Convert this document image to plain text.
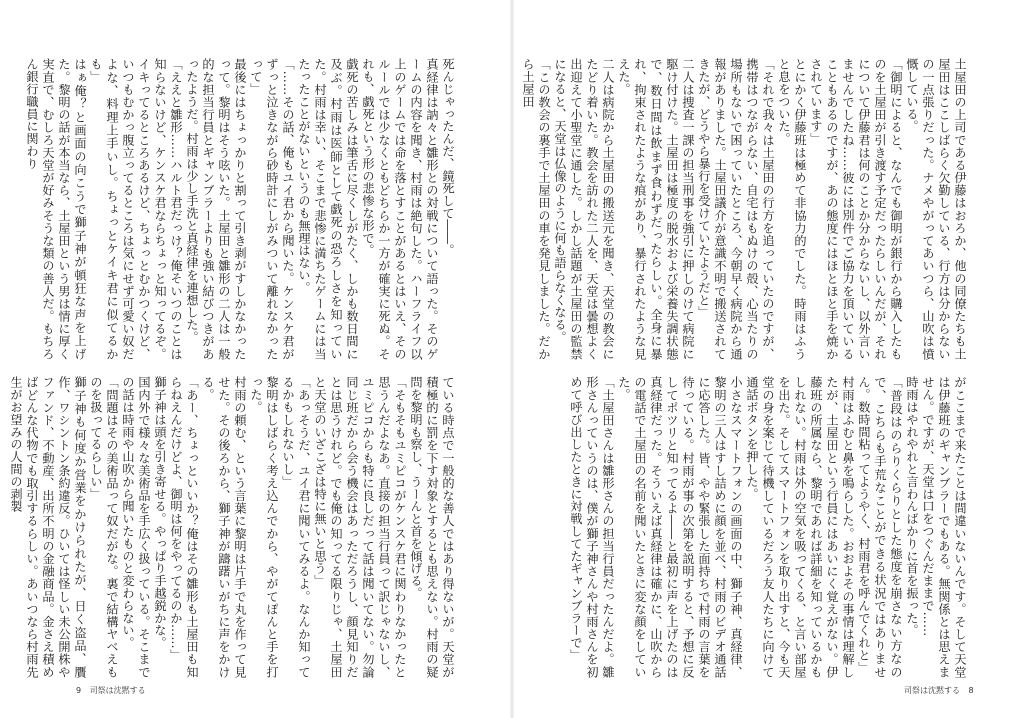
死んじゃったんだ、鏡死して――。

真経律は訥々と雛形との対戦について語った。そのゲームの内容を聞き、村雨は絶句した。ハーフライフ以上のゲームでは命を落とすことがあるとはいえ、そのルールでは少なくともどちらか一方が確実に死ぬ。それも、戯死という形の悲惨な形で。

戯死の苦しみは筆舌に尽くしがたく、しかも数日間に及ぶ。村雨は医師として戯死の恐ろしさを知っていた。村雨は幸い、そこまで悲惨に満ちたゲームには当たったことがないというのも無理はない。

「……その話、俺もユイ君から聞いた。ケンスケ君がずっと泣きながら砂時計にしがみついて離れなかったって」

最後にはちょっかりと割って引き剥がすしかなかったって。黎明はそう呟いた。土屋田と雛形の二人は一般的な担当行員とギャンブラーよりも強い結びつきがあったようだ。村雨は少し手洗と真経律を連想した。

「ええと雛形……ハルト君だっけ？俺そいつのことは知らないけど、ケンスケ君ならちょっと知ってるぞ。イキってるところあるけど、ちょっとむかつくけど、いつもむかっ腹立ってるところは気にせず可愛い奴だよな、料理上手いし。ちょっとケイキ君に似てるかも」

はぁ俺？と画面の向こうで獅子神が頓狂な声を上げた。黎明の話が本当なら、土屋田という男は情に厚く実直で、むしろ天堂が好みそうな類の善人だ。もちろん銀行職員に関わり

ている時点で一般的な善人ではあり得ないが。天堂が積極的に罰を下す対象とするとも思えない。村雨の疑問を黎明も察し、うーんと首を傾げる。

「そもそもユミピコがケンスケ君に関わりなかったと思うんだよなあ。直接の担当行員って訳じゃないし、ユミピコからも特に良しだって話は聞いてない。勿論同じ班だから会う機会はあっただろうし、顔見知りだとは思うけれど。でも俺の知ってる限りじゃ、土屋田と天堂のいざこざは特に無いと思う」

「あっそうだ、ユイ君に聞いてみるよ。なんか知ってるかもしれないし」

黎明はしばらく考え込んでから、やがてぽんと手を打った。

村雨の頼む、という言葉に黎明は片手で丸を作って見せた。その後ろから、獅子神が躊躇いがちに声をかける。

「あー、ちょっといいか？俺はその雛形も土屋田も知らねえんだけどよ、御明は何をやってるのか……」

獅子神は頭を引き寄せる。やっぱり手越鋭かな。

国内外で様々な美術品を手広く扱っている。そこまでの話は時雨や山吹から聞いたものと変わらない。

「問題はその美術品って奴だがな。裏で結構ヤベえものを扱ってるらしい」

獅子神も何度か営業をかけられたが、日く盗品、贋作、ワシントン条約違反。ひいては怪しい未公開株やファンド、不動産、出所不明の金融商品。金さえ積めばどんな代物でも取引するらしい。あいつなら村雨先生がお望みの人間の剥製

9 司祭は沈黙する

土屋田の上司である伊藤はおろか、他の同僚たちも土屋田はここしばらく欠勤している、行方は分からないの一点張りだった。ナメやがってあいつら、山吹は憤慨している。

「御明によると、なんでも御明が銀行から購入したものを土屋田が引き渡す予定だったらしいんだが、それについて伊藤君は何のことか分からないし、以外言いませんでしたね……彼には別件でご協力を頂いていることもあるのですが、あの態度にはほとほと手を焼かされています」

とにかく伊藤班は極めて非協力的でした。時雨はふうと息をついた。

「それで我々は土屋田の行方を追っていたのですが、携帯はつながらない、自宅はもぬけの殻、心当たりの場所もないで困っていたところ、今朝早く病院から通報がありました。土屋田議介が意識不明で搬送されてきたが、どうやら暴行を受けていたようだと」

二人は捜査一課の担当刑事を強引に押しのけて病院に駆け付けた。土屋田は極度の脱水および栄養失調状態で、数日間は飲まず食わずだったらしい。全身に暴れ、拘束されたような痕があり、暴行されたような見えた。

二人は病院から土屋田の搬送元を聞き、天堂の教会にたどり着いた。教会を訪れた二人を、天堂は曇想よく出迎えて小聖堂に通した。しかし話題が土屋田の監禁になると、天堂は仏像のように何も語らなくなる。

「この教会の裏手で土屋田の車を発見しました。だから土屋田

がここまで来たことは間違いないんです。そして天堂は伊藤班のギャンブラーでもある。無関係とは思えません。ですが、天堂は口をつぐんだままで……

時雨はやれやれと言わんばかりに首を振った。

「普段はのらりくらりとした態度を崩さない方なので、こちらも手荒なことができる状況ではありません。数時間粘ってようやく、村雨君を呼んでくれと」

村雨はふむと鼻を鳴らした。おおよその事情は理解したが、土屋田という行員にはあいにく覚えがない。伊藤班の所属なら、黎明であれば詳細を知っているかもしれない。村雨は外の空気を吸ってくる、と言い部屋を出た。そしてスマートフォンを取り出すと、今も天堂の身を案じて待機しているだろう友人たちに向けて通話ボタンを押した。

小さなスマートフォンの画面の中、獅子神、真経律、黎明の三人はすし詰めに顔を並べ、村雨のビデオ通話に応答した。皆、やや緊張した面持ちで村雨の言葉を待っている。村雨が事の次第を説明すると、予想に反してポツリと知ってるよ――と最初に声を上げたのは真経律だった。そういえば真経律は確かに、山吹からの電話で土屋田の名前を聞いたときに変な顔をしていた。

「土屋田さんは雛形さんの担当行員だったんだよ。雛形さんっていうのは、僕が獅子神さんや村雨さんを初めて呼び出したときに対戦してたギャンブラーで」

司祭は沈黙する 8
